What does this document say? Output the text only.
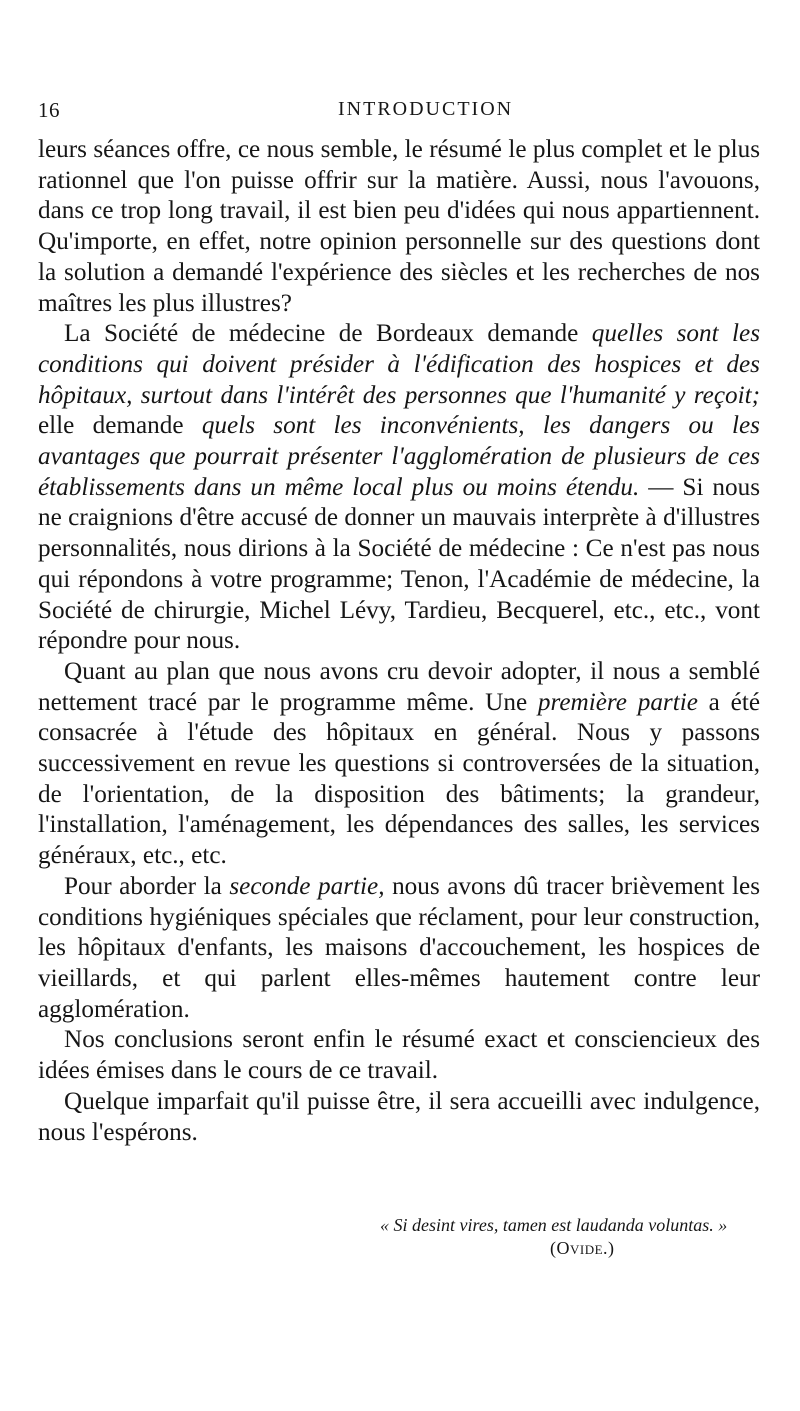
16	INTRODUCTION

leurs séances offre, ce nous semble, le résumé le plus complet et le plus rationnel que l'on puisse offrir sur la matière. Aussi, nous l'avouons, dans ce trop long travail, il est bien peu d'idées qui nous appartiennent. Qu'importe, en effet, notre opinion personnelle sur des questions dont la solution a demandé l'expérience des siècles et les recherches de nos maîtres les plus illustres?

La Société de médecine de Bordeaux demande quelles sont les conditions qui doivent présider à l'édification des hospices et des hôpitaux, surtout dans l'intérêt des personnes que l'humanité y reçoit; elle demande quels sont les inconvénients, les dangers ou les avantages que pourrait présenter l'agglomération de plusieurs de ces établissements dans un même local plus ou moins étendu. — Si nous ne craignions d'être accusé de donner un mauvais interprète à d'illustres personnalités, nous dirions à la Société de médecine : Ce n'est pas nous qui répondons à votre programme; Tenon, l'Académie de médecine, la Société de chirurgie, Michel Lévy, Tardieu, Becquerel, etc., etc., vont répondre pour nous.

Quant au plan que nous avons cru devoir adopter, il nous a semblé nettement tracé par le programme même. Une première partie a été consacrée à l'étude des hôpitaux en général. Nous y passons successivement en revue les questions si controversées de la situation, de l'orientation, de la disposition des bâtiments; la grandeur, l'installation, l'aménagement, les dépendances des salles, les services généraux, etc., etc.

Pour aborder la seconde partie, nous avons dû tracer brièvement les conditions hygiéniques spéciales que réclament, pour leur construction, les hôpitaux d'enfants, les maisons d'accouchement, les hospices de vieillards, et qui parlent elles-mêmes hautement contre leur agglomération.

Nos conclusions seront enfin le résumé exact et consciencieux des idées émises dans le cours de ce travail.

Quelque imparfait qu'il puisse être, il sera accueilli avec indulgence, nous l'espérons.

« Si desint vires, tamen est laudanda voluntas. »
(Ovide.)
